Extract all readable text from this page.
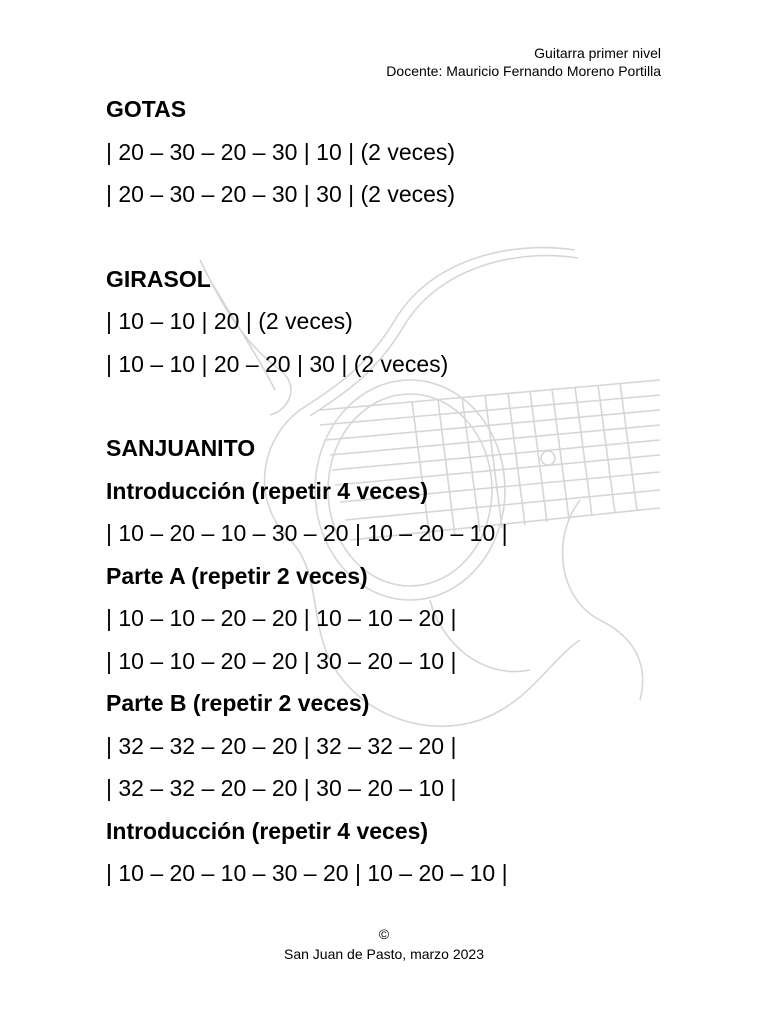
Guitarra primer nivel
Docente: Mauricio Fernando Moreno Portilla
GOTAS
| 20 – 30 – 20 – 30 | 10 | (2 veces)
| 20 – 30 – 20 – 30 | 30 | (2 veces)
GIRASOL
| 10 – 10 | 20 | (2 veces)
| 10 – 10 | 20 – 20 | 30 | (2 veces)
SANJUANITO
Introducción (repetir 4 veces)
| 10 – 20 – 10 – 30 – 20 | 10 – 20 – 10 |
Parte A (repetir 2 veces)
| 10 – 10 – 20 – 20 | 10 – 10 – 20 |
| 10 – 10 – 20 – 20 | 30 – 20 – 10 |
Parte B (repetir 2 veces)
| 32 – 32 – 20 – 20 | 32 – 32 – 20 |
| 32 – 32 – 20 – 20 | 30 – 20 – 10 |
Introducción (repetir 4 veces)
| 10 – 20 – 10 – 30 – 20 | 10 – 20 – 10 |
©
San Juan de Pasto, marzo 2023
